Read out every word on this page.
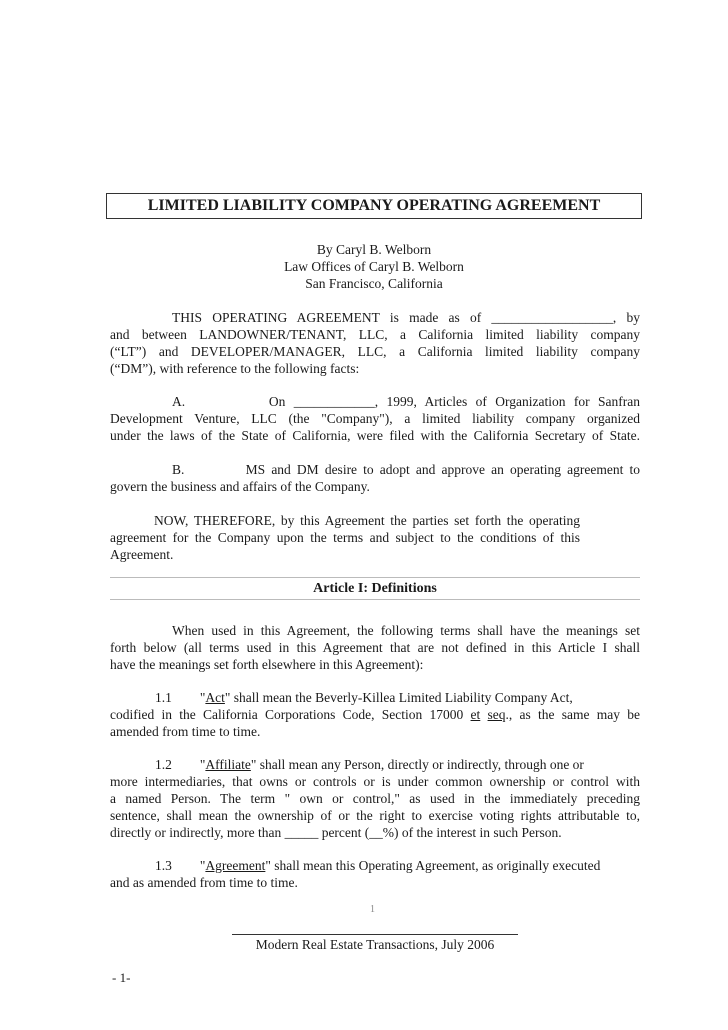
LIMITED LIABILITY COMPANY OPERATING AGREEMENT
By Caryl B. Welborn
Law Offices of Caryl B. Welborn
San Francisco, California
THIS OPERATING AGREEMENT is made as of __________________, by
and between LANDOWNER/TENANT, LLC, a California limited liability company
(“LT”) and DEVELOPER/MANAGER, LLC, a California limited liability company
(“DM”), with reference to the following facts:
A.          On ____________, 1999, Articles of Organization for Sanfran
Development Venture, LLC (the "Company"), a limited liability company organized
under the laws of the State of California, were filed with the California Secretary of State.
B.          MS and DM desire to adopt and approve an operating agreement to
govern the business and affairs of the Company.
NOW, THEREFORE, by this Agreement the parties set forth the operating
agreement for the Company upon the terms and subject to the conditions of this
Agreement.
Article I: Definitions
When used in this Agreement, the following terms shall have the meanings set
forth below (all terms used in this Agreement that are not defined in this Article I shall
have the meanings set forth elsewhere in this Agreement):
1.1 "Act" shall mean the Beverly-Killea Limited Liability Company Act,
codified in the California Corporations Code, Section 17000 et seq., as the same may be
amended from time to time.
1.2 "Affiliate" shall mean any Person, directly or indirectly, through one or
more intermediaries, that owns or controls or is under common ownership or control with
a named Person. The term " own or control," as used in the immediately preceding
sentence, shall mean the ownership of or the right to exercise voting rights attributable to,
directly or indirectly, more than _____ percent (__%) of the interest in such Person.
1.3 "Agreement" shall mean this Operating Agreement, as originally executed
and as amended from time to time.
1
Modern Real Estate Transactions, July 2006
- 1-
